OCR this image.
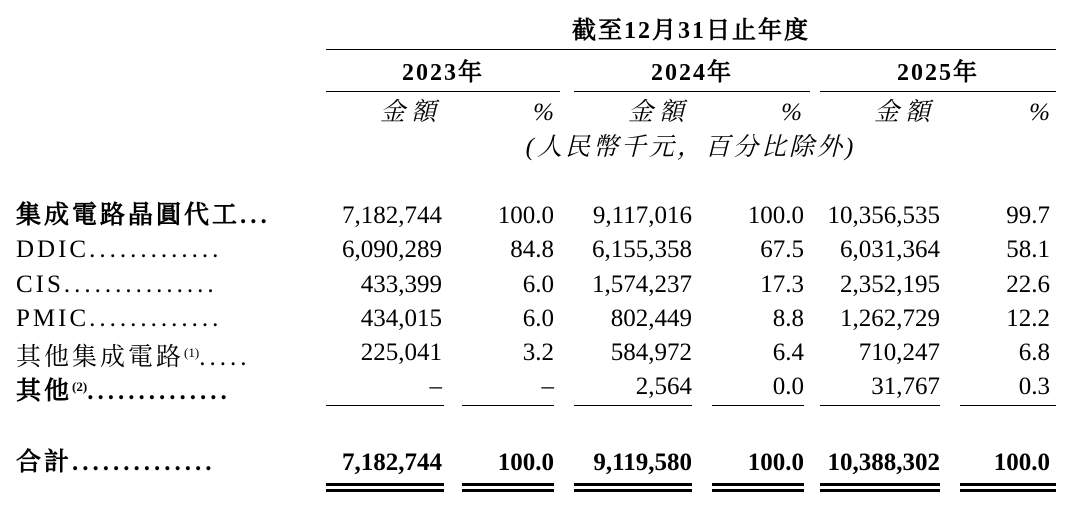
截至12月31日止年度
2023年	2024年	2025年
金額	%	金額	%	金額	%
(人民幣千元，百分比除外)
集成電路晶圓代工...	7,182,744	100.0	9,117,016	100.0 10,356,535	99.7
DDIC.............	6,090,289	84.8	6,155,358	67.5	6,031,364	58.1
CIS...............	433,399	6.0	1,574,237	17.3	2,352,195	22.6
PMIC.............	434,015	6.0	802,449	8.8	1,262,729	12.2
其他集成電路$^{(1)}$.....	225,041	3.2	584,972	6.4	710,247	6.8
其他$^{(2)}$..............	–	–	2,564	0.0	31,767	0.3
合計..............	7,182,744	100.0	9,119,580	100.0 10,388,302	100.0
